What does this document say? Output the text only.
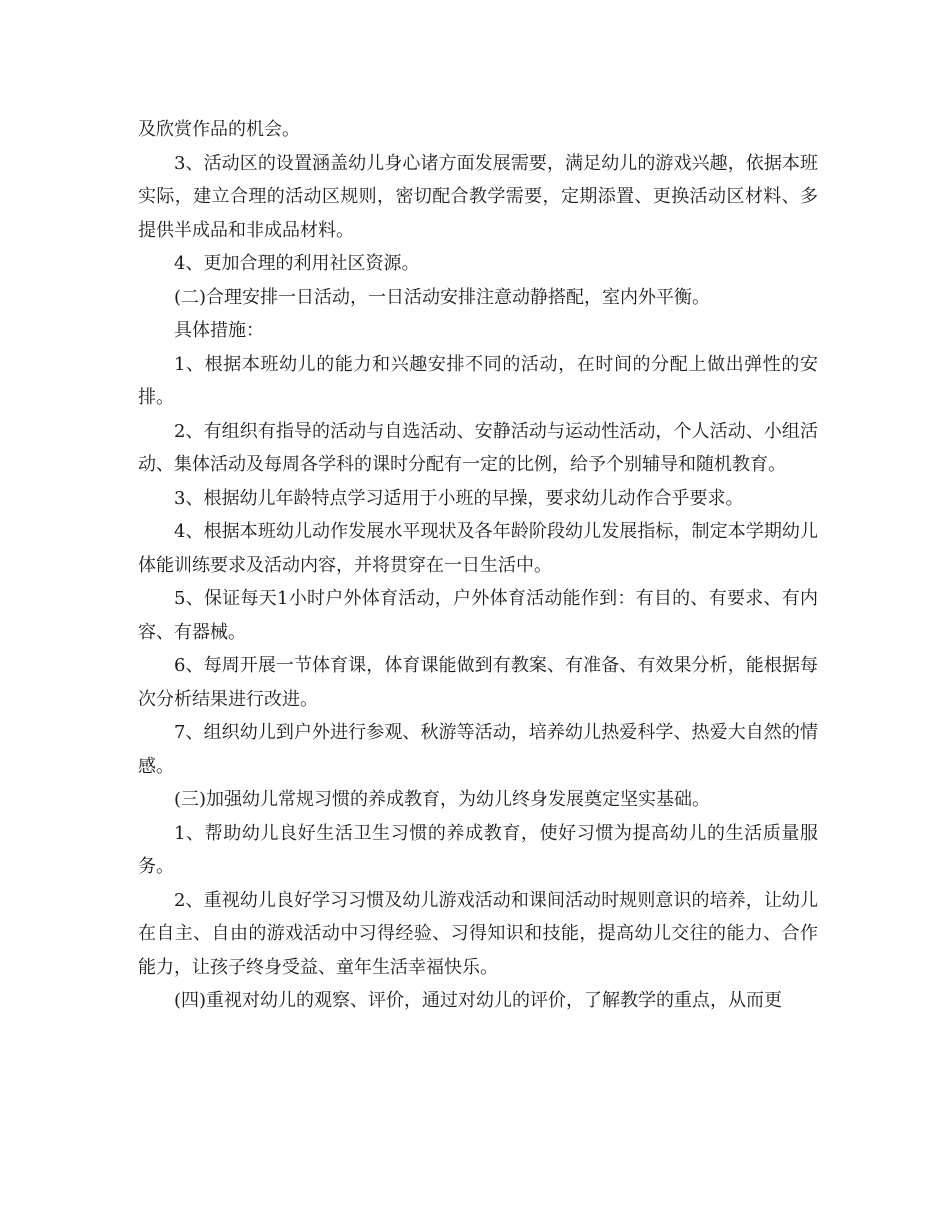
及欣赏作品的机会。

3、活动区的设置涵盖幼儿身心诸方面发展需要，满足幼儿的游戏兴趣，依据本班实际，建立合理的活动区规则，密切配合教学需要，定期添置、更换活动区材料、多提供半成品和非成品材料。

4、更加合理的利用社区资源。

(二)合理安排一日活动，一日活动安排注意动静搭配，室内外平衡。

具体措施：

1、根据本班幼儿的能力和兴趣安排不同的活动，在时间的分配上做出弹性的安排。

2、有组织有指导的活动与自选活动、安静活动与运动性活动，个人活动、小组活动、集体活动及每周各学科的课时分配有一定的比例，给予个别辅导和随机教育。

3、根据幼儿年龄特点学习适用于小班的早操，要求幼儿动作合乎要求。

4、根据本班幼儿动作发展水平现状及各年龄阶段幼儿发展指标，制定本学期幼儿体能训练要求及活动内容，并将贯穿在一日生活中。

5、保证每天1小时户外体育活动，户外体育活动能作到：有目的、有要求、有内容、有器械。

6、每周开展一节体育课，体育课能做到有教案、有准备、有效果分析，能根据每次分析结果进行改进。

7、组织幼儿到户外进行参观、秋游等活动，培养幼儿热爱科学、热爱大自然的情感。

(三)加强幼儿常规习惯的养成教育，为幼儿终身发展奠定坚实基础。

1、帮助幼儿良好生活卫生习惯的养成教育，使好习惯为提高幼儿的生活质量服务。

2、重视幼儿良好学习习惯及幼儿游戏活动和课间活动时规则意识的培养，让幼儿在自主、自由的游戏活动中习得经验、习得知识和技能，提高幼儿交往的能力、合作能力，让孩子终身受益、童年生活幸福快乐。

(四)重视对幼儿的观察、评价，通过对幼儿的评价，了解教学的重点，从而更
